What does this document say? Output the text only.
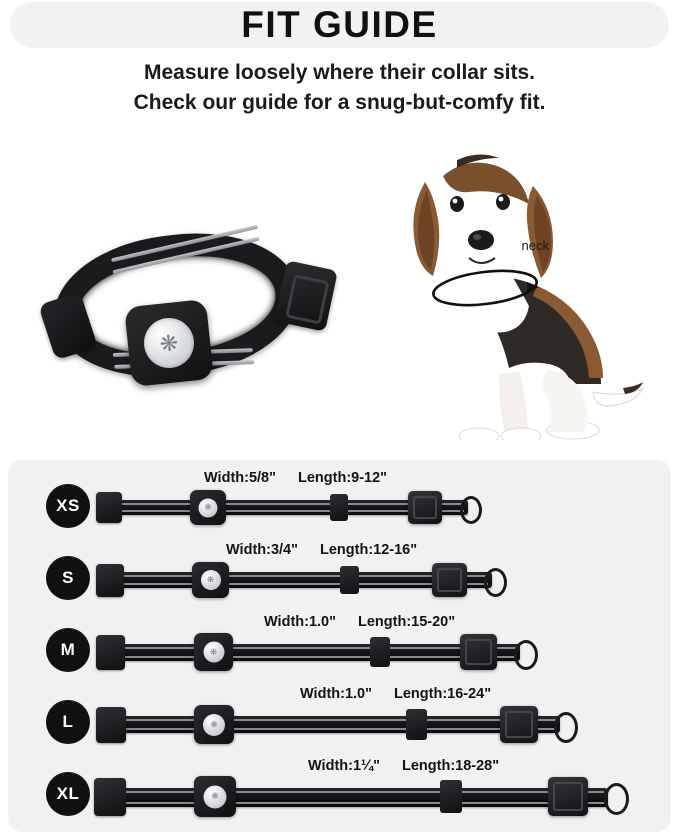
FIT GUIDE
Measure loosely where their collar sits.
Check our guide for a snug-but-comfy fit.
❋
neck
XS
Width:5/8" Length:9-12"
❋
S
Width:3/4" Length:12-16"
❋
M
Width:1.0" Length:15-20"
❋
L
Width:1.0" Length:16-24"
❋
XL
Width:1¼" Length:18-28"
❋
